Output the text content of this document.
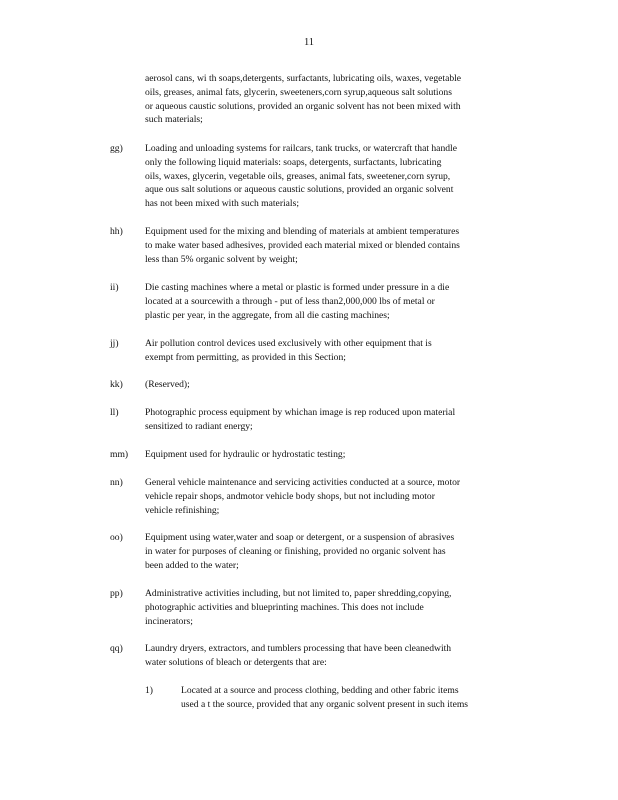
11
aerosol cans, wi th soaps,detergents, surfactants, lubricating oils, waxes, vegetable
oils, greases, animal fats, glycerin, sweeteners,corn syrup,aqueous salt solutions
or aqueous caustic solutions, provided an organic solvent has not been mixed with
such materials;
gg) Loading and unloading systems for railcars, tank trucks, or watercraft that handle
only the following liquid materials: soaps, detergents, surfactants, lubricating
oils, waxes, glycerin, vegetable oils, greases, animal fats, sweetener,corn syrup,
aque ous salt solutions or aqueous caustic solutions, provided an organic solvent
has not been mixed with such materials;
hh) Equipment used for the mixing and blending of materials at ambient temperatures
to make water based adhesives, provided each material mixed or blended contains
less than 5% organic solvent by weight;
ii)	Die casting machines where a metal or plastic is formed under pressure in a die
located at a sourcewith a through - put of less than2,000,000 lbs of metal or
plastic per year, in the aggregate, from all die casting machines;
jj)	Air pollution control devices used exclusively with other equipment that is
exempt from permitting, as provided in this Section;
kk) (Reserved);
ll)	Photographic process equipment by whichan image is rep roduced upon material
sensitized to radiant energy;
mm) Equipment used for hydraulic or hydrostatic testing;
nn) General vehicle maintenance and servicing activities conducted at a source, motor
vehicle repair shops, andmotor vehicle body shops, but not including motor
vehicle refinishing;
oo) Equipment using water,water and soap or detergent, or a suspension of abrasives
in water for purposes of cleaning or finishing, provided no organic solvent has
been added to the water;
pp) Administrative activities including, but not limited to, paper shredding,copying,
photographic activities and blueprinting machines. This does not include
incinerators;
qq) Laundry dryers, extractors, and tumblers processing that have been cleanedwith
water solutions of bleach or detergents that are:
1)	Located at a source and process clothing, bedding and other fabric items
used a t the source, provided that any organic solvent present in such items
